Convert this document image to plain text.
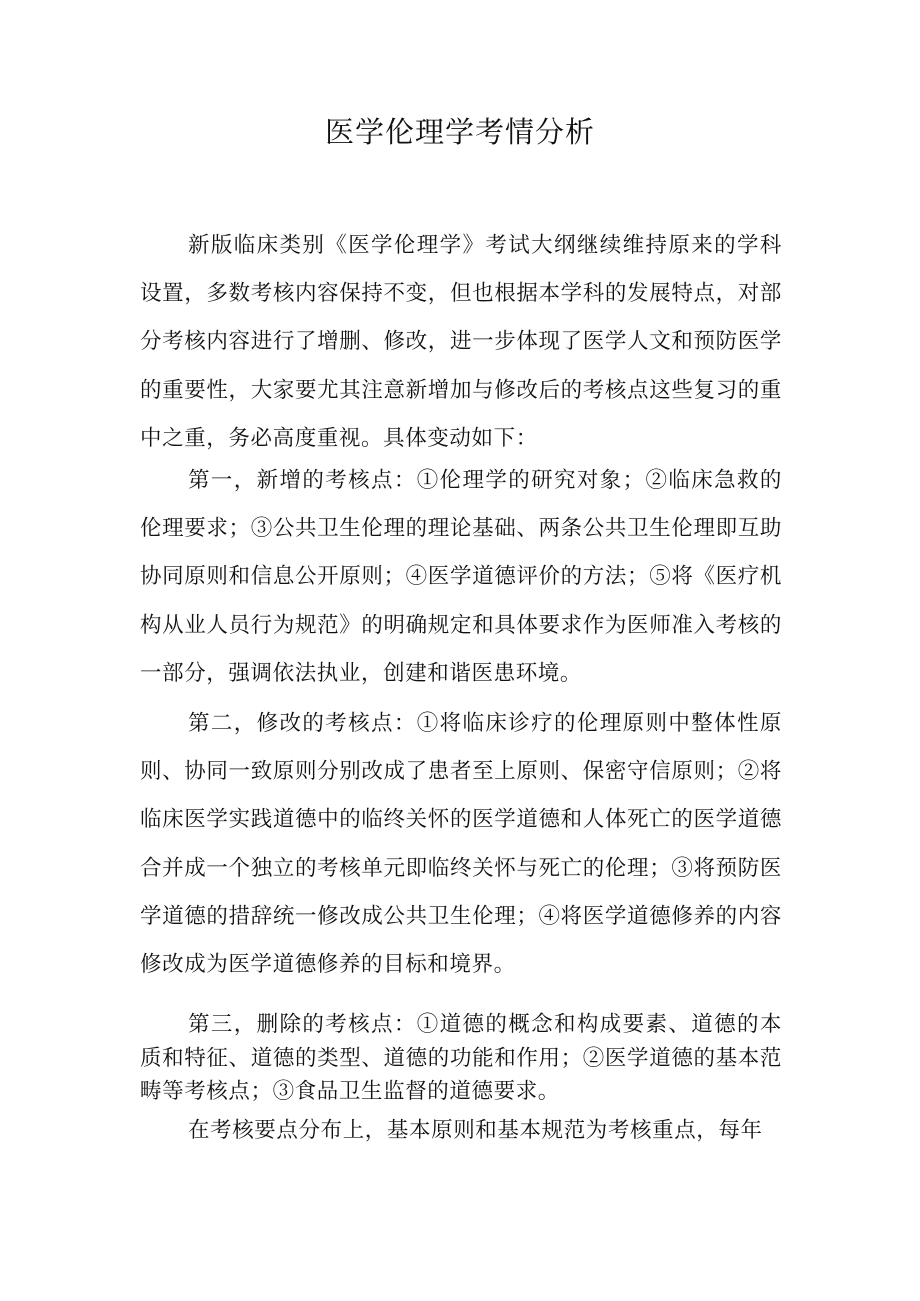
医学伦理学考情分析

新版临床类别《医学伦理学》考试大纲继续维持原来的学科设置，多数考核内容保持不变，但也根据本学科的发展特点，对部分考核内容进行了增删、修改，进一步体现了医学人文和预防医学的重要性，大家要尤其注意新增加与修改后的考核点这些复习的重中之重，务必高度重视。具体变动如下：

第一，新增的考核点：①伦理学的研究对象；②临床急救的伦理要求；③公共卫生伦理的理论基础、两条公共卫生伦理即互助协同原则和信息公开原则；④医学道德评价的方法；⑤将《医疗机构从业人员行为规范》的明确规定和具体要求作为医师准入考核的一部分，强调依法执业，创建和谐医患环境。

第二，修改的考核点：①将临床诊疗的伦理原则中整体性原则、协同一致原则分别改成了患者至上原则、保密守信原则；②将临床医学实践道德中的临终关怀的医学道德和人体死亡的医学道德合并成一个独立的考核单元即临终关怀与死亡的伦理；③将预防医学道德的措辞统一修改成公共卫生伦理；④将医学道德修养的内容修改成为医学道德修养的目标和境界。

第三，删除的考核点：①道德的概念和构成要素、道德的本质和特征、道德的类型、道德的功能和作用；②医学道德的基本范畴等考核点；③食品卫生监督的道德要求。

在考核要点分布上，基本原则和基本规范为考核重点，每年
